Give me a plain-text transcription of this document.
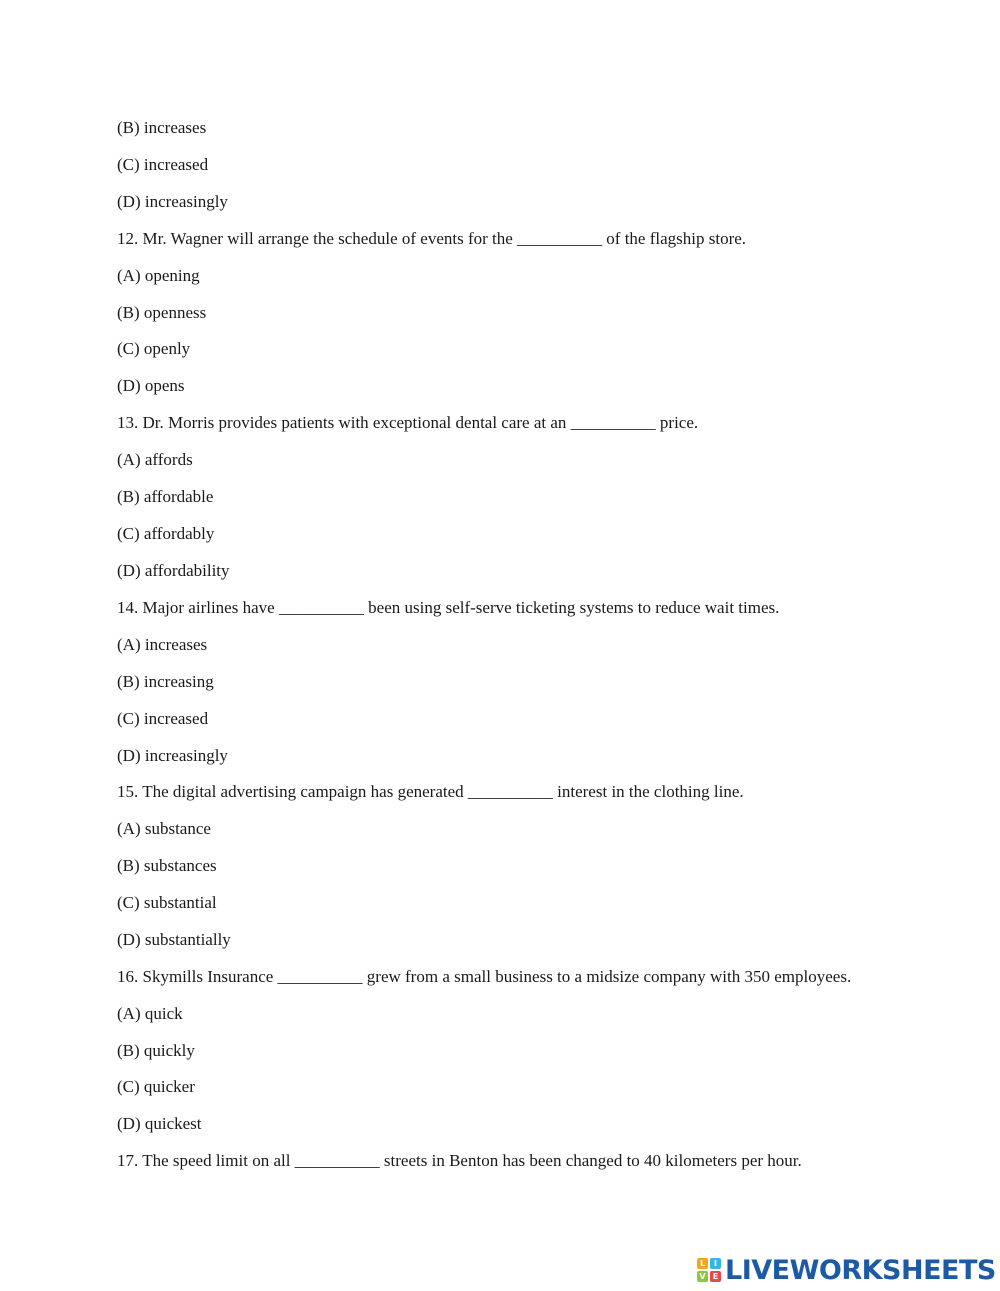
(B) increases
(C) increased
(D) increasingly
12. Mr. Wagner will arrange the schedule of events for the __________ of the flagship store.
(A) opening
(B) openness
(C) openly
(D) opens
13. Dr. Morris provides patients with exceptional dental care at an __________ price.
(A) affords
(B) affordable
(C) affordably
(D) affordability
14. Major airlines have __________ been using self-serve ticketing systems to reduce wait times.
(A) increases
(B) increasing
(C) increased
(D) increasingly
15. The digital advertising campaign has generated __________ interest in the clothing line.
(A) substance
(B) substances
(C) substantial
(D) substantially
16. Skymills Insurance __________ grew from a small business to a midsize company with 350 employees.
(A) quick
(B) quickly
(C) quicker
(D) quickest
17. The speed limit on all __________ streets in Benton has been changed to 40 kilometers per hour.
L	I
V E LIVEWORKSHEETS
